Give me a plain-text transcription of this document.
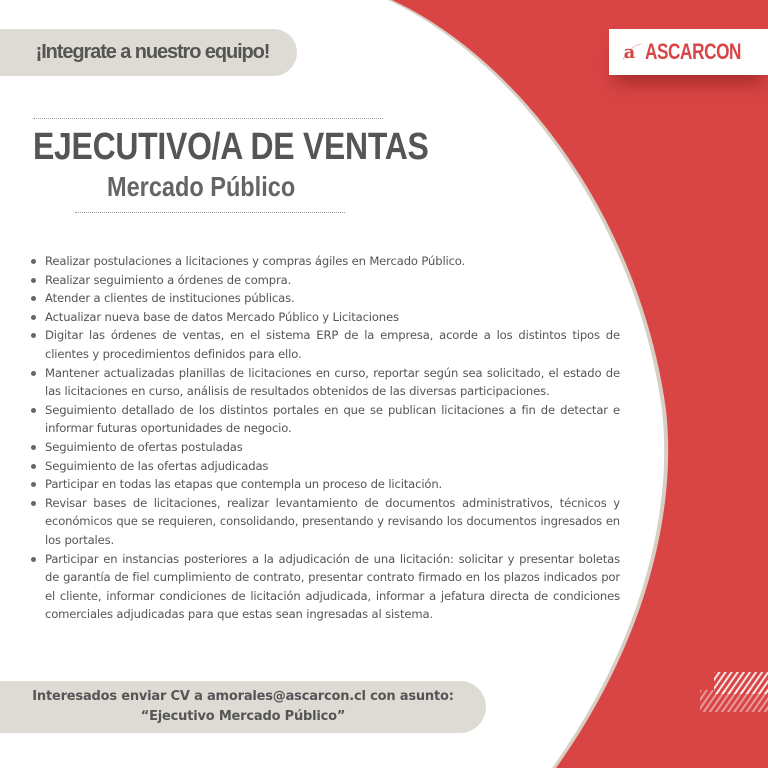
¡Integrate a nuestro equipo!	a ASCARCON
EJECUTIVO/A DE VENTAS
Mercado Público
Realizar postulaciones a licitaciones y compras ágiles en Mercado Público.
Realizar seguimiento a órdenes de compra.
Atender a clientes de instituciones públicas.
Actualizar nueva base de datos Mercado Público y Licitaciones
Digitar las órdenes de ventas, en el sistema ERP de la empresa, acorde a los distintos tipos de clientes y procedimientos definidos para ello.
Mantener actualizadas planillas de licitaciones en curso, reportar según sea solicitado, el estado de las licitaciones en curso, análisis de resultados obtenidos de las diversas participaciones.
Seguimiento detallado de los distintos portales en que se publican licitaciones a fin de detectar e informar futuras oportunidades de negocio.
Seguimiento de ofertas postuladas
Seguimiento de las ofertas adjudicadas
Participar en todas las etapas que contempla un proceso de licitación.
Revisar bases de licitaciones, realizar levantamiento de documentos administrativos, técnicos y económicos que se requieren, consolidando, presentando y revisando los documentos ingresados en los portales.
Participar en instancias posteriores a la adjudicación de una licitación: solicitar y presentar boletas de garantía de fiel cumplimiento de contrato, presentar contrato firmado en los plazos indicados por el cliente, informar condiciones de licitación adjudicada, informar a jefatura directa de condiciones comerciales adjudicadas para que estas sean ingresadas al sistema.
Interesados enviar CV a amorales@ascarcon.cl con asunto:
“Ejecutivo Mercado Público”
